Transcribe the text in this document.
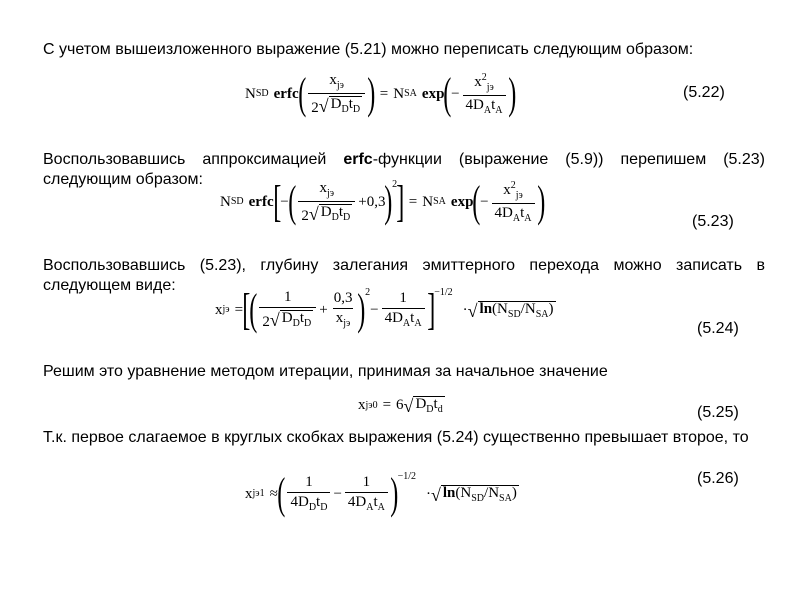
С учетом вышеизложенного выражение (5.21) можно переписать следующим образом:
N SD erfc ( $\frac{x_{jэ}}{2 √ D_Dt_D}$ ) = N SA exp ( − $\frac{x^2_{jэ}}{4D_At_A}$ )	(5.22)
Воспользовавшись аппроксимацией erfc-функции (выражение (5.9)) перепишем (5.23) следующим образом:
N SD erfc [ − ( $\frac{x_{jэ}}{2 √ D_Dt_D} + 0,3$ )$^2$ ] = N SA exp ( − $\frac{x^2_{jэ}}{4D_At_A}$ )	(5.23)
Воспользовавшись (5.23), глубину залегания эмиттерного перехода можно записать в следующем виде:
x jэ = [
( $\frac{1}{2 √ D_Dt_D} + \frac{0,3}{x_{jэ}} )^2$
− $\frac{1}{4D_At_A} ]^{-1/2}$
· √ $\ln(N_{SD}/N_{SA})$
(5.24)
Решим это уравнение методом итерации, принимая за начальное значение
x jэ0 = 6 √ $D_Dt_d$	(5.25)
Т.к. первое слагаемое в круглых скобках выражения (5.24) существенно превышает второе, то
x jэ1 ≈ ( $\frac{1}{4D_Dt_D} - \frac{1}{4D_At_A} )^{-1/2}$
· √ $\ln(N_{SD}/N_{SA})$
(5.26)
